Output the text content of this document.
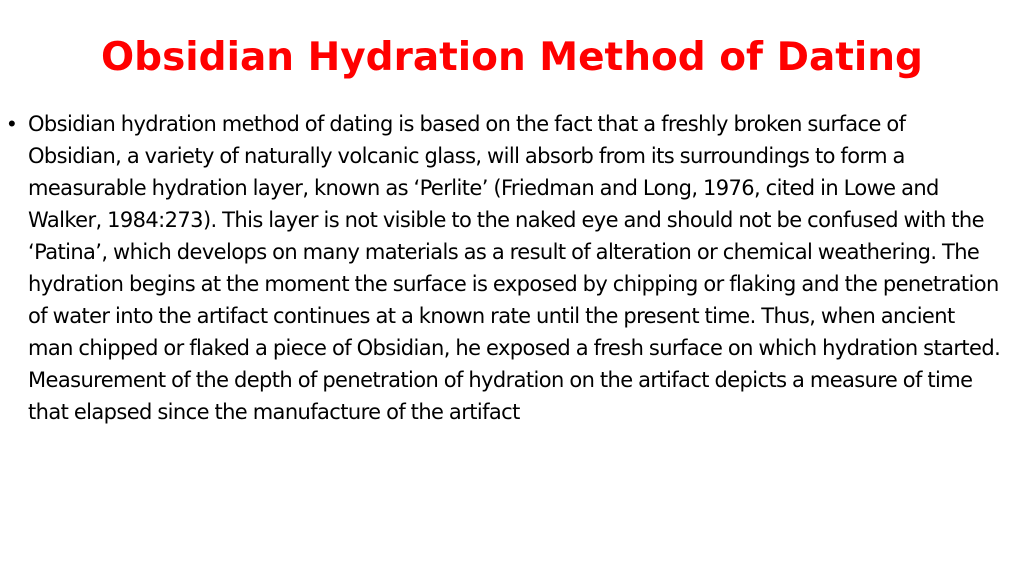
Obsidian Hydration Method of Dating
• Obsidian hydration method of dating is based on the fact that a freshly broken surface of Obsidian, a variety of naturally volcanic glass, will absorb from its surroundings to form a measurable hydration layer, known as ‘Perlite’ (Friedman and Long, 1976, cited in Lowe and Walker, 1984:273). This layer is not visible to the naked eye and should not be confused with the ‘Patina’, which develops on many materials as a result of alteration or chemical weathering. The hydration begins at the moment the surface is exposed by chipping or flaking and the penetration of water into the artifact continues at a known rate until the present time. Thus, when ancient man chipped or flaked a piece of Obsidian, he exposed a fresh surface on which hydration started. Measurement of the depth of penetration of hydration on the artifact depicts a measure of time that elapsed since the manufacture of the artifact
